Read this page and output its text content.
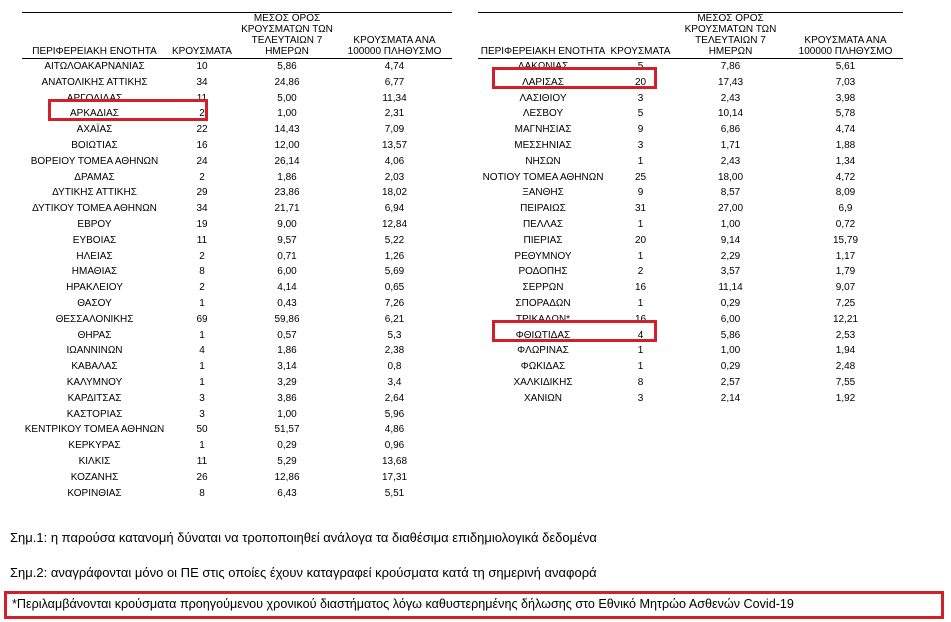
ΠΕΡΙΦΕΡΕΙΑΚΗ ΕΝΟΤΗΤΑ	ΚΡΟΥΣΜΑΤΑ	ΜΕΣΟΣ ΟΡΟΣ ΚΡΟΥΣΜΑΤΩΝ ΤΩΝ ΤΕΛΕΥΤΑΙΩΝ 7 ΗΜΕΡΩΝ	ΚΡΟΥΣΜΑΤΑ ΑΝΑ 100000 ΠΛΗΘΥΣΜΟ
ΑΙΤΩΛΟΑΚΑΡΝΑΝΙΑΣ	10	5,86	4,74
ΑΝΑΤΟΛΙΚΗΣ ΑΤΤΙΚΗΣ	34	24,86	6,77
ΑΡΓΟΛΙΔΑΣ	11	5,00	11,34
ΑΡΚΑΔΙΑΣ	2	1,00	2,31
ΑΧΑΪΑΣ	22	14,43	7,09
ΒΟΙΩΤΙΑΣ	16	12,00	13,57
ΒΟΡΕΙΟΥ ΤΟΜΕΑ ΑΘΗΝΩΝ	24	26,14	4,06
ΔΡΑΜΑΣ	2	1,86	2,03
ΔΥΤΙΚΗΣ ΑΤΤΙΚΗΣ	29	23,86	18,02
ΔΥΤΙΚΟΥ ΤΟΜΕΑ ΑΘΗΝΩΝ	34	21,71	6,94
ΕΒΡΟΥ	19	9,00	12,84
ΕΥΒΟΙΑΣ	11	9,57	5,22
ΗΛΕΙΑΣ	2	0,71	1,26
ΗΜΑΘΙΑΣ	8	6,00	5,69
ΗΡΑΚΛΕΙΟΥ	2	4,14	0,65
ΘΑΣΟΥ	1	0,43	7,26
ΘΕΣΣΑΛΟΝΙΚΗΣ	69	59,86	6,21
ΘΗΡΑΣ	1	0,57	5,3
ΙΩΑΝΝΙΝΩΝ	4	1,86	2,38
ΚΑΒΑΛΑΣ	1	3,14	0,8
ΚΑΛΥΜΝΟΥ	1	3,29	3,4
ΚΑΡΔΙΤΣΑΣ	3	3,86	2,64
ΚΑΣΤΟΡΙΑΣ	3	1,00	5,96
ΚΕΝΤΡΙΚΟΥ ΤΟΜΕΑ ΑΘΗΝΩΝ	50	51,57	4,86
ΚΕΡΚΥΡΑΣ	1	0,29	0,96
ΚΙΛΚΙΣ	11	5,29	13,68
ΚΟΖΑΝΗΣ	26	12,86	17,31
ΚΟΡΙΝΘΙΑΣ	8	6,43	5,51
ΠΕΡΙΦΕΡΕΙΑΚΗ ΕΝΟΤΗΤΑ	ΚΡΟΥΣΜΑΤΑ	ΜΕΣΟΣ ΟΡΟΣ ΚΡΟΥΣΜΑΤΩΝ ΤΩΝ ΤΕΛΕΥΤΑΙΩΝ 7 ΗΜΕΡΩΝ	ΚΡΟΥΣΜΑΤΑ ΑΝΑ 100000 ΠΛΗΘΥΣΜΟ
ΛΑΚΩΝΙΑΣ	5	7,86	5,61
ΛΑΡΙΣΑΣ	20	17,43	7,03
ΛΑΣΙΘΙΟΥ	3	2,43	3,98
ΛΕΣΒΟΥ	5	10,14	5,78
ΜΑΓΝΗΣΙΑΣ	9	6,86	4,74
ΜΕΣΣΗΝΙΑΣ	3	1,71	1,88
ΝΗΣΩΝ	1	2,43	1,34
ΝΟΤΙΟΥ ΤΟΜΕΑ ΑΘΗΝΩΝ	25	18,00	4,72
ΞΑΝΘΗΣ	9	8,57	8,09
ΠΕΙΡΑΙΩΣ	31	27,00	6,9
ΠΕΛΛΑΣ	1	1,00	0,72
ΠΙΕΡΙΑΣ	20	9,14	15,79
ΡΕΘΥΜΝΟΥ	1	2,29	1,17
ΡΟΔΟΠΗΣ	2	3,57	1,79
ΣΕΡΡΩΝ	16	11,14	9,07
ΣΠΟΡΑΔΩΝ	1	0,29	7,25
ΤΡΙΚΑΛΩΝ*	16	6,00	12,21
ΦΘΙΩΤΙΔΑΣ	4	5,86	2,53
ΦΛΩΡΙΝΑΣ	1	1,00	1,94
ΦΩΚΙΔΑΣ	1	0,29	2,48
ΧΑΛΚΙΔΙΚΗΣ	8	2,57	7,55
ΧΑΝΙΩΝ	3	2,14	1,92
Σημ.1: η παρούσα κατανομή δύναται να τροποποιηθεί ανάλογα τα διαθέσιμα επιδημιολογικά δεδομένα
Σημ.2: αναγράφονται μόνο οι ΠΕ στις οποίες έχουν καταγραφεί κρούσματα κατά τη σημερινή αναφορά
*Περιλαμβάνονται κρούσματα προηγούμενου χρονικού διαστήματος λόγω καθυστερημένης δήλωσης στο Εθνικό Μητρώο Ασθενών Covid-19
